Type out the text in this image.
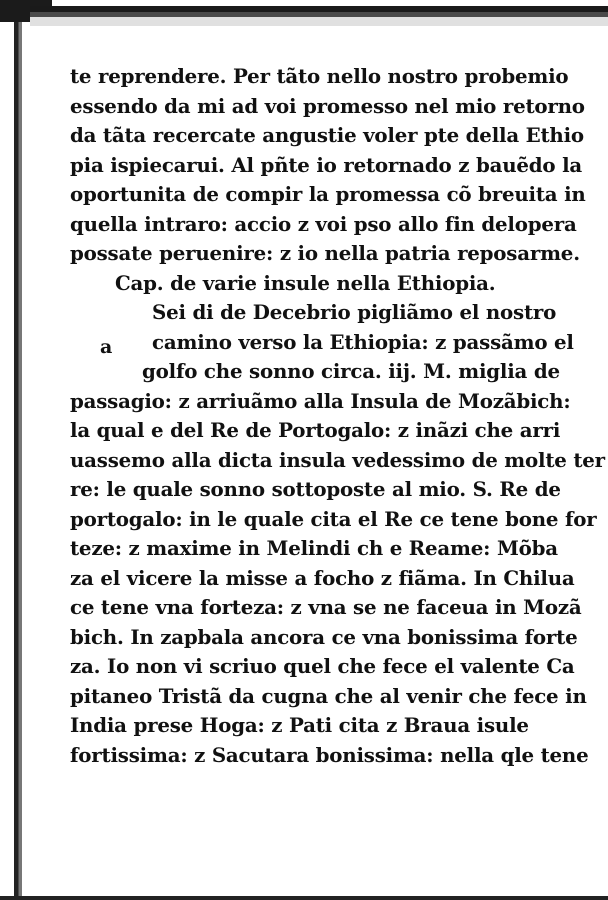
a
te reprendere. Per tãto nello nostro probemio
essendo da mi ad voi promesso nel mio retorno
da tãta recercate angustie voler pte della Ethio
pia ispiecarui. Al pñte io retornado z bauẽdo la
oportunita de compir la promessa cõ breuita in
quella intraro: accio z voi pso allo fin delopera
possate peruenire: z io nella patria reposarme.
Cap. de varie insule nella Ethiopia.
Sei di de Decebrio pigliãmo el nostro
camino verso la Ethiopia: z passãmo el
golfo che sonno circa. iij. M. miglia de
passagio: z arriuãmo alla Insula de Mozãbich:
la qual e del Re de Portogalo: z inãzi che arri
uassemo alla dicta insula vedessimo de molte ter
re: le quale sonno sottoposte al mio. S. Re de
portogalo: in le quale cita el Re ce tene bone for
teze: z maxime in Melindi ch e Reame: Mõba
za el vicere la misse a focho z fiãma. In Chilua
ce tene vna forteza: z vna se ne faceua in Mozã
bich. In zapbala ancora ce vna bonissima forte
za. Io non vi scriuo quel che fece el valente Ca
pitaneo Tristã da cugna che al venir che fece in
India prese Hoga: z Pati cita z Braua isule
fortissima: z Sacutara bonissima: nella qle tene
